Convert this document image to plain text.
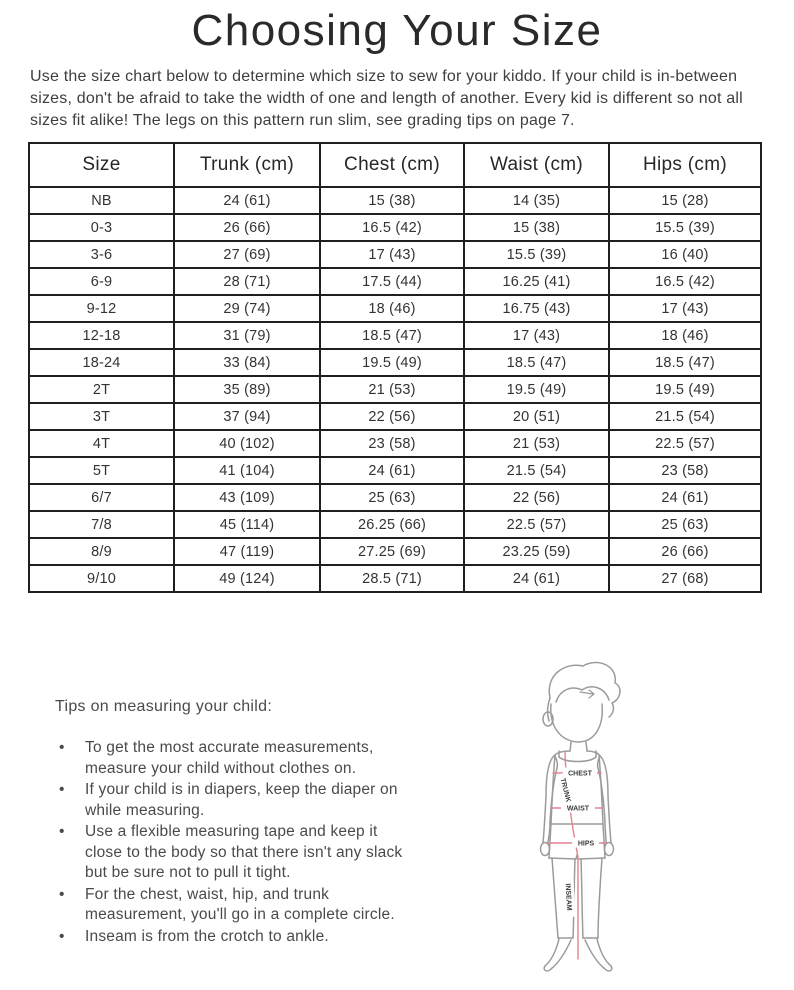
Choosing Your Size

Use the size chart below to determine which size to sew for your kiddo. If your child is in-between sizes, don't be afraid to take the width of one and length of another. Every kid is different so not all sizes fit alike! The legs on this pattern run slim, see grading tips on page 7.

Size	Trunk (cm)	Chest (cm)	Waist (cm)	Hips (cm)
NB	24 (61)	15 (38)	14 (35)	15 (28)
0-3	26 (66)	16.5 (42)	15 (38)	15.5 (39)
3-6	27 (69)	17 (43)	15.5 (39)	16 (40)
6-9	28 (71)	17.5 (44)	16.25 (41)	16.5 (42)
9-12	29 (74)	18 (46)	16.75 (43)	17 (43)
12-18	31 (79)	18.5 (47)	17 (43)	18 (46)
18-24	33 (84)	19.5 (49)	18.5 (47)	18.5 (47)
2T	35 (89)	21 (53)	19.5 (49)	19.5 (49)
3T	37 (94)	22 (56)	20 (51)	21.5 (54)
4T	40 (102)	23 (58)	21 (53)	22.5 (57)
5T	41 (104)	24 (61)	21.5 (54)	23 (58)
6/7	43 (109)	25 (63)	22 (56)	24 (61)
7/8	45 (114)	26.25 (66)	22.5 (57)	25 (63)
8/9	47 (119)	27.25 (69)	23.25 (59)	26 (66)
9/10	49 (124)	28.5 (71)	24 (61)	27 (68)

Tips on measuring your child:

• To get the most accurate measurements, measure your child without clothes on.
• If your child is in diapers, keep the diaper on while measuring.
• Use a flexible measuring tape and keep it close to the body so that there isn't any slack but be sure not to pull it tight.
• For the chest, waist, hip, and trunk measurement, you'll go in a complete circle.
• Inseam is from the crotch to ankle.
CHEST
TRUNK
WAIST
HIPS
INSEAM
